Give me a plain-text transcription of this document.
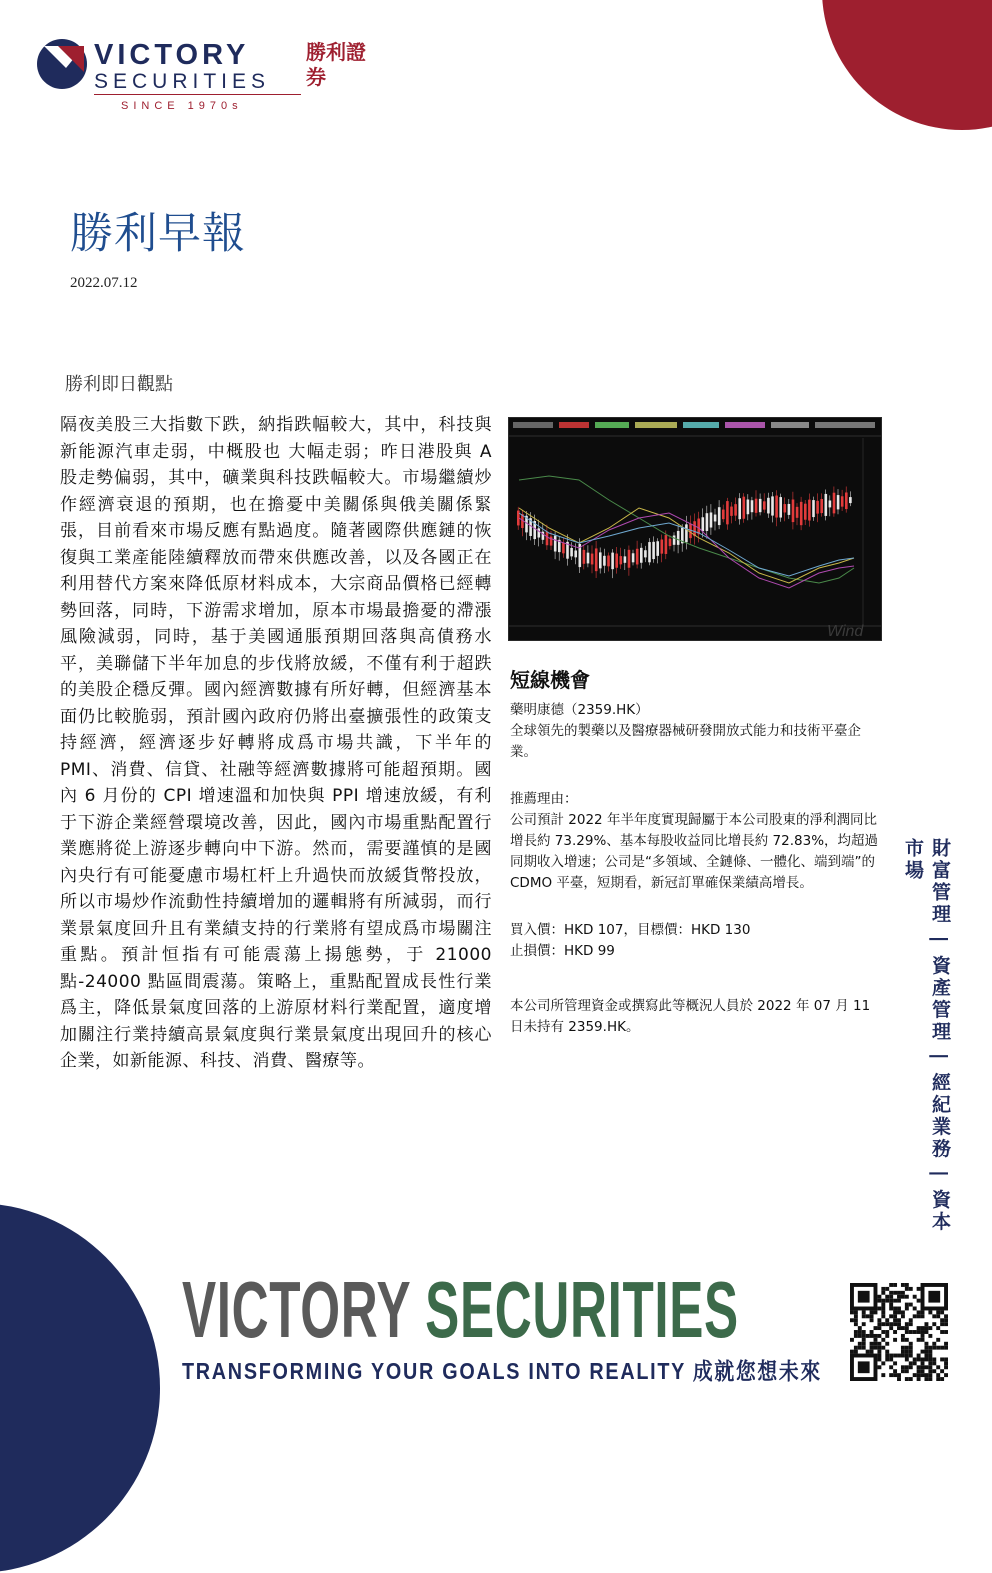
VICTORY
SECURITIES
勝利證券
SINCE 1970s
勝利早報
2022.07.12
勝利即日觀點
隔夜美股三大指數下跌，納指跌幅較大，其中，科技與新能源汽車走弱，中概股也 大幅走弱；昨日港股與 A 股走勢偏弱，其中，礦業與科技跌幅較大。市場繼續炒作經濟衰退的預期，也在擔憂中美關係與俄美關係緊張，目前看來市場反應有點過度。隨著國際供應鏈的恢復與工業產能陸續釋放而帶來供應改善，以及各國正在利用替代方案來降低原材料成本，大宗商品價格已經轉勢回落，同時，下游需求增加，原本市場最擔憂的滯漲風險減弱，同時，基于美國通脹預期回落與高債務水平，美聯儲下半年加息的步伐將放緩，不僅有利于超跌的美股企穩反彈。國內經濟數據有所好轉，但經濟基本面仍比較脆弱，預計國內政府仍將出臺擴張性的政策支持經濟，經濟逐步好轉將成爲市場共識，下半年的 PMI、消費、信貸、社融等經濟數據將可能超預期。國內 6 月份的 CPI 增速溫和加快與 PPI 增速放緩，有利于下游企業經營環境改善，因此，國內市場重點配置行業應將從上游逐步轉向中下游。然而，需要謹慎的是國內央行有可能憂慮市場杠杆上升過快而放緩貨幣投放，所以市場炒作流動性持續增加的邏輯將有所減弱，而行業景氣度回升且有業績支持的行業將有望成爲市場關注重點。預計恒指有可能震蕩上揚態勢，于 21000 點-24000 點區間震蕩。策略上，重點配置成長性行業爲主，降低景氣度回落的上游原材料行業配置，適度增加關注行業持續高景氣度與行業景氣度出現回升的核心企業，如新能源、科技、消費、醫療等。
Wind
短線機會

藥明康德（2359.HK）

全球領先的製藥以及醫療器械研發開放式能力和技術平臺企業。

推薦理由：

公司預計 2022 年半年度實現歸屬于本公司股東的淨利潤同比增長約 73.29%、基本每股收益同比增長約 72.83%，均超過同期收入增速；公司是“多領域、全鏈條、一體化、端到端”的 CDMO 平臺，短期看，新冠訂單確保業績高增長。

買入價：HKD 107，目標價：HKD 130

止損價：HKD 99

本公司所管理資金或撰寫此等概況人員於 2022 年 07 月 11 日未持有 2359.HK。	財富管理 | 資產管理 | 經紀業務 | 資本市場
VICTORY SECURITIES
TRANSFORMING YOUR GOALS INTO REALITY 成就您想未來
